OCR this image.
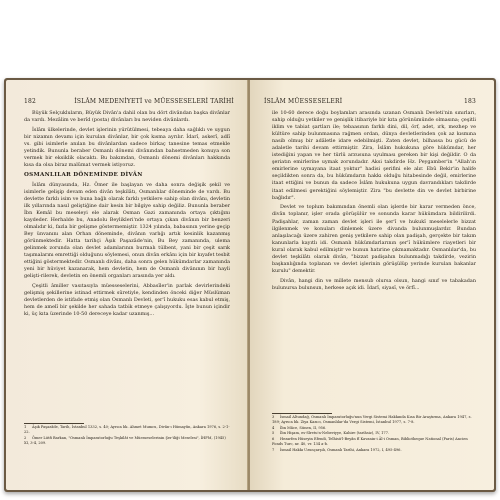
182	İSLÂM MEDENİYETİ ve MÜESSESELERİ TARİHİ

Büyük Selçukluların, Büyük Divân'a dahil olan bu dört divândan başka divânlar da vardı. Mezâlim ve berîd (posta) divânları bu neviden divânlardı.

İslâm ülkelerinde, devlet işlerinin yürütülmesi, tebeaya daha sağlıklı ve uygun bir nizamın devamı için kurulan divânlar, bir çok kısma ayrılır. İdarî, askerî, adlî vs. gibi isimlerle anılan bu divânlardan sadece birkaç tanesine temas etmekle yetindik. Bununla beraber Osmanlı dönemi divânından bahsetmeden konuya son vermek bir eksiklik olacaktı. Bu bakımdan, Osmanlı dönemi divânları hakkında kısa da olsa biraz malûmat vermek istiyoruz.

OSMANLILAR DÖNEMİNDE DİVÂN

İslâm dünyasında, Hz. Ömer ile başlayan ve daha sonra değişik şekil ve isimlerle gelişip devam eden divân teşkilâtı, Osmanlılar döneminde de vardı. Bu devlette farklı isim ve buna bağlı olarak farklı yetkilere sahip olan divânı, devletin ilk yıllarında nasıl geliştiğine dair kesin bir bilgiye sahip değiliz. Bununla beraber İbn Kemâl bu meseleyi ele alarak Osman Gazi zamanında ortaya çıktığını kaydeder. Herhalde bu, Anadolu Beylikleri'nde ortaya çıkan divânın bir benzeri olmalıdır ki, fazla bir gelişme göstermemiştir. 1324 yılında, babasının yerine geçip Bey ünvanını alan Orhan döneminde, divânın varlığı artık kesinlik kazanmış görünmektedir. Hatta tarihçi Âşık Paşazâde'nin, Bu Bey zamanında, ulema gelinmek zorunda olan devlet adamlarının burmalı tülbent, yani bir çeşit sarık taşımalarını emrettiği olduğunu söylemesi, onun divân erkânı için bir kıyafet tesbit ettiğini göstermektedir. Osmanlı divânı, daha sonra gelen hükümdarlar zamanında yeni bir hüviyet kazanarak, hem devletin, hem de Osmanlı divânının bir hayli gelişti-rilerek, devletin en önemli organları arasında yer aldı.

Çeşitli âmiller vasıtasıyla müesseselerini, Abbasîler'in parlak devirlerindeki gelişmiş şekillerine istinad ettirmek sûretiyle, kendinden önceki diğer Müslüman devletlerden de istifade etmiş olan Osmanlı Devleti, şer'î hukuku esas kabul etmiş, hem de amelî bir şekilde her sahada tatbik etmeye çalışıyordu. İşte bunun içindir ki, üç kıta üzerinde 10-50 dereceye kadar uzanmış...

1 Âşık Paşazâde, Tarih, İstanbul 1332, s. 40; Ayrıca bk. Ahmet Mumcu, Divân-ı Hümayûn, Ankara 1976, s. 2-1-22.
2 Ömer Lütfi Barkan, "Osmanlı İmparatorluğu Teşkilât ve Müesseselerinin Şer'iliği Meselesi", İHFM, (1945) XI, 3-4, 209.
İSLÂM MÜESSESELERİ	183

ile 10-60 derece doğu boylamları arasında uzanan Osmanlı Devleti'nin sınırları, sahip olduğu yetkiler ve genişlik itibariyle bir kıta görünümünde olmasına; çeşitli iklim ve tabiat şartları ile; tebaasının farklı dini, dil, örf, adet, ırk, mezhep ve kültüre sahip bulunmasına rağmen ordan, dünya devletlerinden çok az kısmına nasib olmuş bir adâletle idare edebilmişti. Zaten devlet, bilhassa bu gücü de adaletle tarihi devam ettirmiştir. Zira, İslâm hukukuna göre hükümdar, her istediğini yapan ve her türlü arzusuna uyulması gereken bir kişi değildir. O da şeriatın emirlerine uymak zorundadır. Aksi takdirde Hz. Peygamber'in "Allah'ın emirlerine uymayana itaat yoktur" hadisi şerifini ele alır. Ebû Bekir'in halife seçildikten sonra da, bu hükümdarın hakkı olduğu hitabesinde değil, emirlerine itaat ettiğini ve bunun da sadece İslâm hukukuna uygun davrandıkları takdirde itaat edilmesi gerektiğini söylemiştir. Zira "bu devlette din ve devlet birbirine bağlıdır".

Devlet ve toplum bakımından önemli olan işlerde bir karar vermeden önce, divân toplanır, işler orada görüşülür ve sonunda karar hükümdara bildirilirdi. Padişahlar, zaman zaman devlet işleri ile şer'î ve hukukî meselelerle bizzat ilgilenmek ve konuları dinlemek üzere divanda bulunmuşlardır. Bundan anlaşılacağı üzere zahiren geniş yetkilere sahip olan padişah, gerçekte bir takım kanunlarla kayıtlı idi. Osmanlı hükümdarlarının şer'î hükümlere riayetleri bir kural olarak kabul edilmiştir ve bunun hatırine çıkmamaktadır. Osmanlılar'da, bu devlet teşkilâtı olarak divân, "bizzat padişahın bulunmadığı takdirde, vezirin başkanlığında toplanan ve devlet işlerinin görüşülüp yerinde kurulan bakanlar kurulu" demektir.

Divân, hangi din ve millete mensub olursa olsun, hangi sınıf ve tabakadan bulunursa bulunsun, herkese açık idi. İdarî, siyasî, ve örfî...

3 İsmail Altundağ, Osmanlı İmparatorluğu'nun Vergi Sistemi Hakkında Kısa Bir Araştırma, Ankara 1947, s. 189; Ayrıca bk. Ziya Kazıcı, Osmanlılar'da Vergi Sistemi, İstanbul 1977, s. 7-8.
4 İbn Mâce, Sünen, II, 956.
5 İbn Hişam, es-Sîretu'n-Nebeviyye, Kahire (tarihsiz), IV, 177.
6 Hezarfen Hüseyin Efendi, Telhisü'l-Beyân fî Kavanin-i Âl-i Osman, Bibliotheque National (Paris) Ancien Fonds Turc, nr. 40, vr. 134 a-b.
7 İsmail Hakkı Uzunçarşılı, Osmanlı Tarihi, Ankara 1972, I, 495-496.
